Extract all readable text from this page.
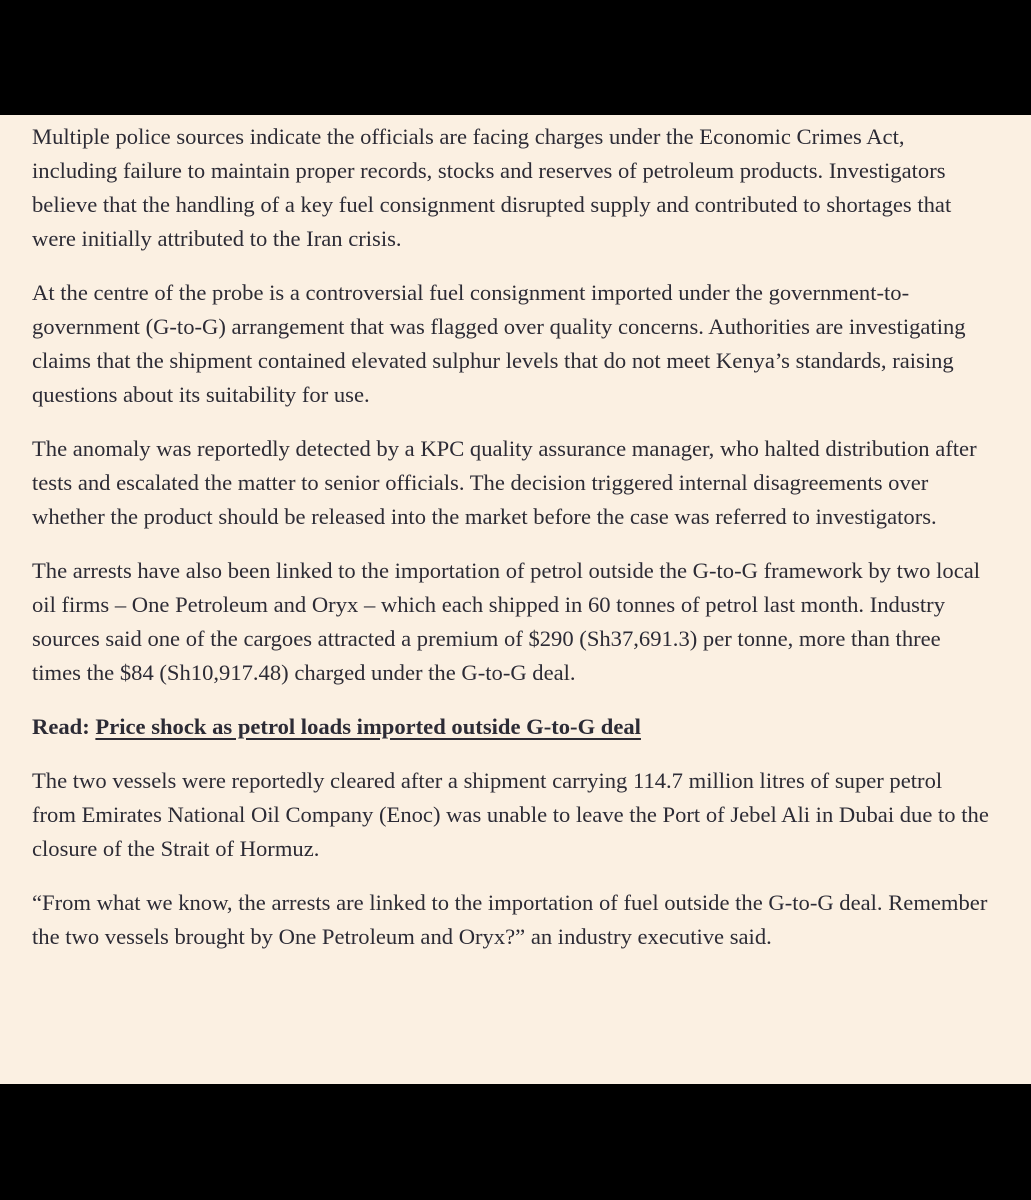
Multiple police sources indicate the officials are facing charges under the Economic Crimes Act, including failure to maintain proper records, stocks and reserves of petroleum products. Investigators believe that the handling of a key fuel consignment disrupted supply and contributed to shortages that were initially attributed to the Iran crisis.

At the centre of the probe is a controversial fuel consignment imported under the government-to-government (G-to-G) arrangement that was flagged over quality concerns. Authorities are investigating claims that the shipment contained elevated sulphur levels that do not meet Kenya’s standards, raising questions about its suitability for use.

The anomaly was reportedly detected by a KPC quality assurance manager, who halted distribution after tests and escalated the matter to senior officials. The decision triggered internal disagreements over whether the product should be released into the market before the case was referred to investigators.

The arrests have also been linked to the importation of petrol outside the G-to-G framework by two local oil firms – One Petroleum and Oryx – which each shipped in 60 tonnes of petrol last month. Industry sources said one of the cargoes attracted a premium of $290 (Sh37,691.3) per tonne, more than three times the $84 (Sh10,917.48) charged under the G-to-G deal.

Read: Price shock as petrol loads imported outside G-to-G deal

The two vessels were reportedly cleared after a shipment carrying 114.7 million litres of super petrol from Emirates National Oil Company (Enoc) was unable to leave the Port of Jebel Ali in Dubai due to the closure of the Strait of Hormuz.

“From what we know, the arrests are linked to the importation of fuel outside the G-to-G deal. Remember the two vessels brought by One Petroleum and Oryx?” an industry executive said.
